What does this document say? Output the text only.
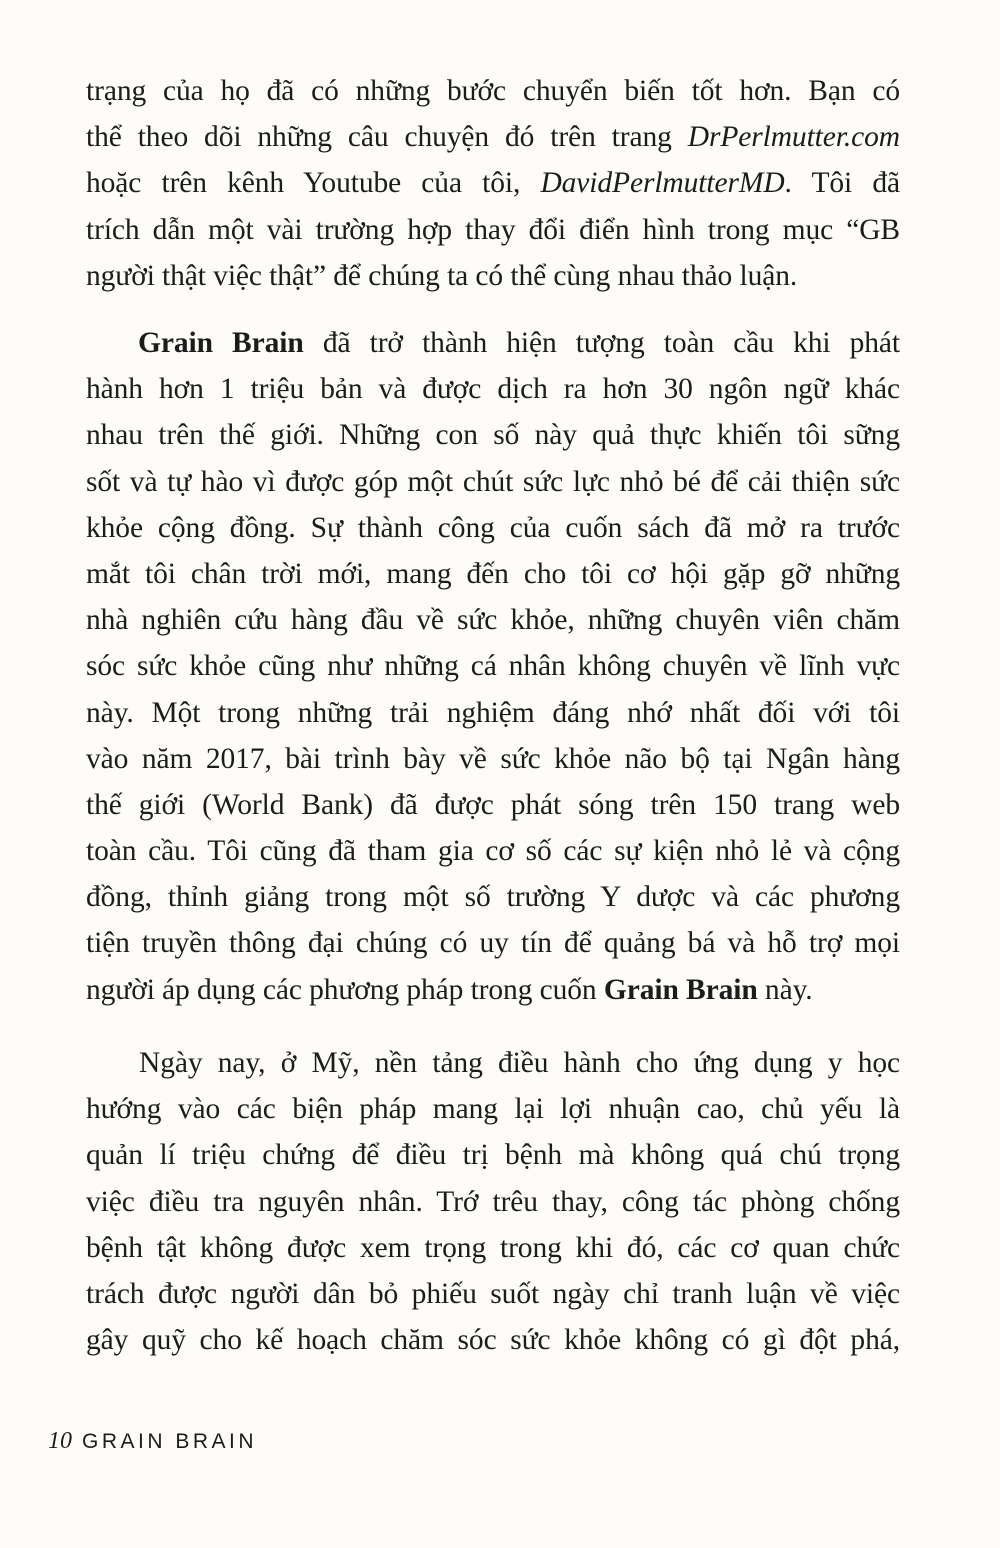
trạng của họ đã có những bước chuyển biến tốt hơn. Bạn có
thể theo dõi những câu chuyện đó trên trang DrPerlmutter.com
hoặc trên kênh Youtube của tôi, DavidPerlmutterMD. Tôi đã
trích dẫn một vài trường hợp thay đổi điển hình trong mục “GB
người thật việc thật” để chúng ta có thể cùng nhau thảo luận.
Grain Brain đã trở thành hiện tượng toàn cầu khi phát
hành hơn 1 triệu bản và được dịch ra hơn 30 ngôn ngữ khác
nhau trên thế giới. Những con số này quả thực khiến tôi sững
sốt và tự hào vì được góp một chút sức lực nhỏ bé để cải thiện sức
khỏe cộng đồng. Sự thành công của cuốn sách đã mở ra trước
mắt tôi chân trời mới, mang đến cho tôi cơ hội gặp gỡ những
nhà nghiên cứu hàng đầu về sức khỏe, những chuyên viên chăm
sóc sức khỏe cũng như những cá nhân không chuyên về lĩnh vực
này. Một trong những trải nghiệm đáng nhớ nhất đối với tôi
vào năm 2017, bài trình bày về sức khỏe não bộ tại Ngân hàng
thế giới (World Bank) đã được phát sóng trên 150 trang web
toàn cầu. Tôi cũng đã tham gia cơ số các sự kiện nhỏ lẻ và cộng
đồng, thỉnh giảng trong một số trường Y dược và các phương
tiện truyền thông đại chúng có uy tín để quảng bá và hỗ trợ mọi
người áp dụng các phương pháp trong cuốn Grain Brain này.
Ngày nay, ở Mỹ, nền tảng điều hành cho ứng dụng y học
hướng vào các biện pháp mang lại lợi nhuận cao, chủ yếu là
quản lí triệu chứng để điều trị bệnh mà không quá chú trọng
việc điều tra nguyên nhân. Trớ trêu thay, công tác phòng chống
bệnh tật không được xem trọng trong khi đó, các cơ quan chức
trách được người dân bỏ phiếu suốt ngày chỉ tranh luận về việc
gây quỹ cho kế hoạch chăm sóc sức khỏe không có gì đột phá,
10 GRAIN BRAIN
